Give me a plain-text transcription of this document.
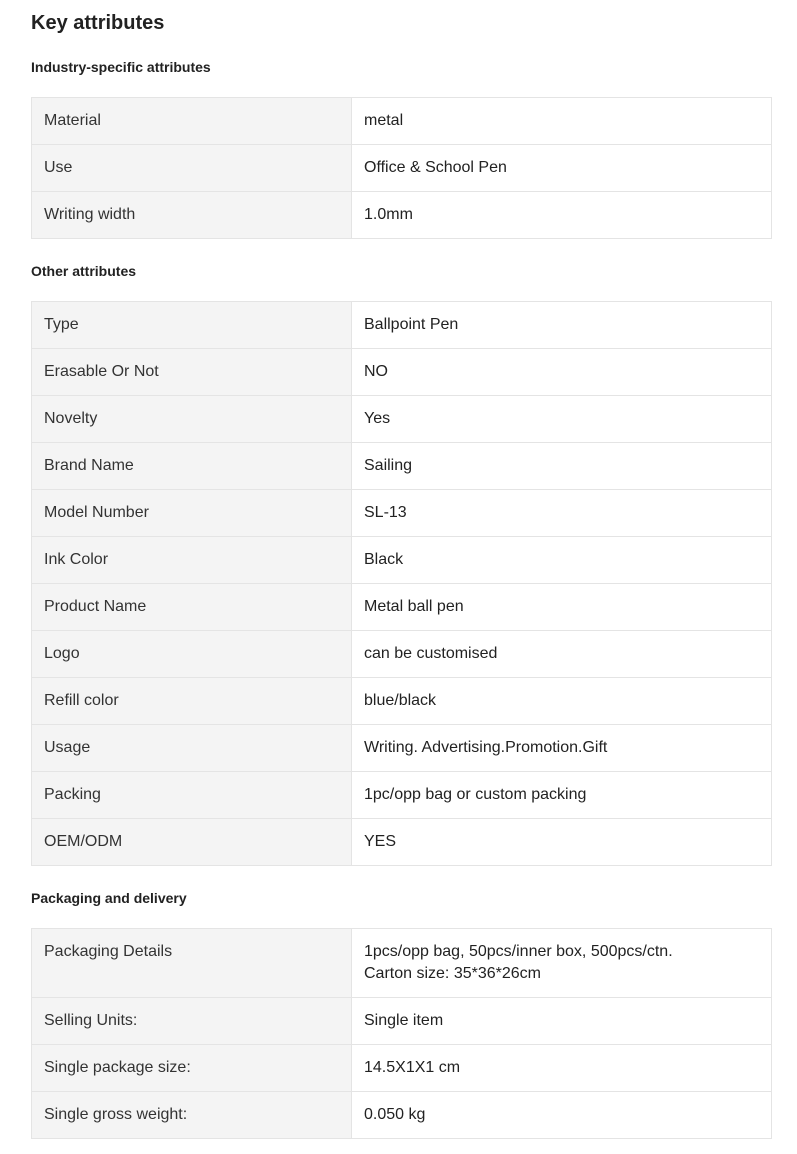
Key attributes
Industry-specific attributes
Material	metal
Use	Office & School Pen
Writing width	1.0mm
Other attributes
Type	Ballpoint Pen
Erasable Or Not	NO
Novelty	Yes
Brand Name	Sailing
Model Number	SL-13
Ink Color	Black
Product Name	Metal ball pen
Logo	can be customised
Refill color	blue/black
Usage	Writing. Advertising.Promotion.Gift
Packing	1pc/opp bag or custom packing
OEM/ODM	YES
Packaging and delivery
Packaging Details	1pcs/opp bag, 50pcs/inner box, 500pcs/ctn.
Carton size: 35*36*26cm
Selling Units:	Single item
Single package size:	14.5X1X1 cm
Single gross weight:	0.050 kg
